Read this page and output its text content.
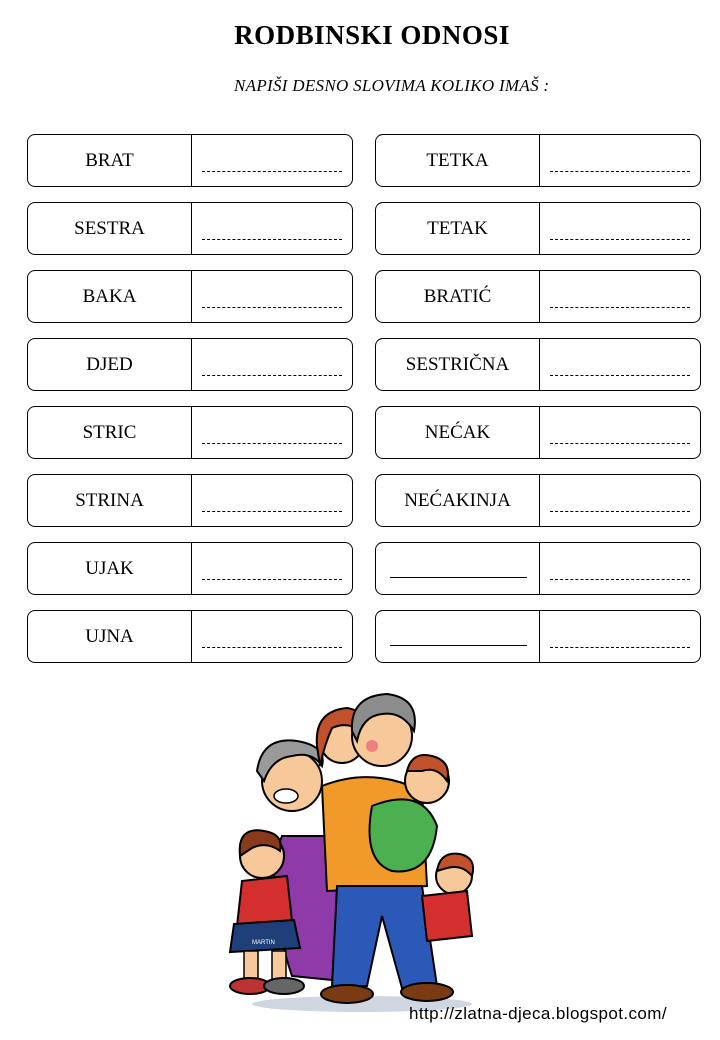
RODBINSKI ODNOSI
NAPIŠI DESNO SLOVIMA KOLIKO IMAŠ :
BRAT
SESTRA
BAKA
DJED
STRIC
STRINA
UJAK
UJNA
TETKA
TETAK
BRATIĆ
SESTRIČNA
NEĆAK
NEĆAKINJA
MARTIN
http://zlatna-djeca.blogspot.com/
